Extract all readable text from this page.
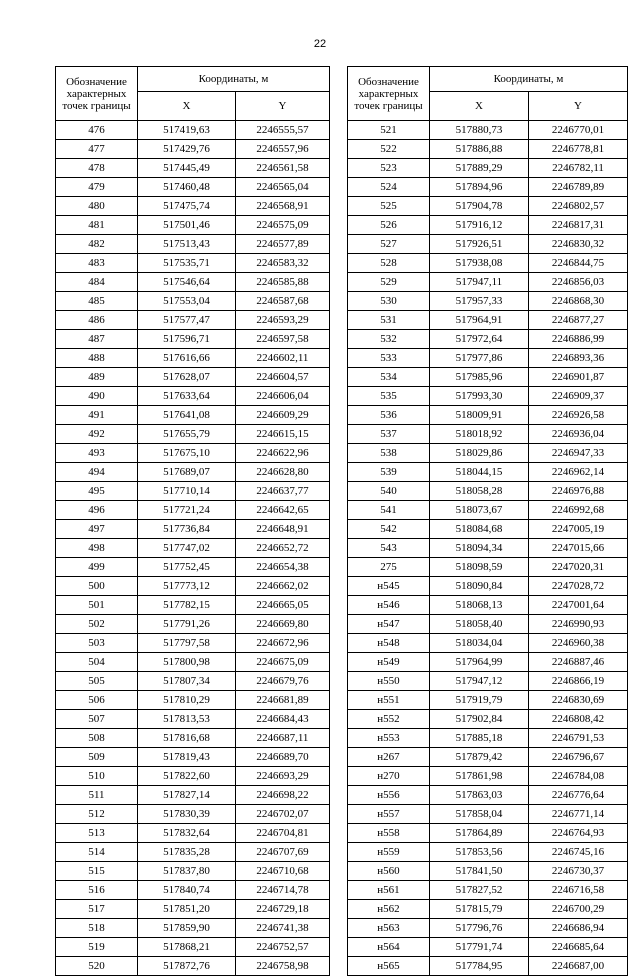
22
Обозначение характерных точек границы	Координаты, м	
	X	Y
476	517419,63	2246555,57
477	517429,76	2246557,96
478	517445,49	2246561,58
479	517460,48	2246565,04
480	517475,74	2246568,91
481	517501,46	2246575,09
482	517513,43	2246577,89
483	517535,71	2246583,32
484	517546,64	2246585,88
485	517553,04	2246587,68
486	517577,47	2246593,29
487	517596,71	2246597,58
488	517616,66	2246602,11
489	517628,07	2246604,57
490	517633,64	2246606,04
491	517641,08	2246609,29
492	517655,79	2246615,15
493	517675,10	2246622,96
494	517689,07	2246628,80
495	517710,14	2246637,77
496	517721,24	2246642,65
497	517736,84	2246648,91
498	517747,02	2246652,72
499	517752,45	2246654,38
500	517773,12	2246662,02
501	517782,15	2246665,05
502	517791,26	2246669,80
503	517797,58	2246672,96
504	517800,98	2246675,09
505	517807,34	2246679,76
506	517810,29	2246681,89
507	517813,53	2246684,43
508	517816,68	2246687,11
509	517819,43	2246689,70
510	517822,60	2246693,29
511	517827,14	2246698,22
512	517830,39	2246702,07
513	517832,64	2246704,81
514	517835,28	2246707,69
515	517837,80	2246710,68
516	517840,74	2246714,78
517	517851,20	2246729,18
518	517859,90	2246741,38
519	517868,21	2246752,57
520	517872,76	2246758,98
Обозначение характерных точек границы	Координаты, м	
	X	Y
521	517880,73	2246770,01
522	517886,88	2246778,81
523	517889,29	2246782,11
524	517894,96	2246789,89
525	517904,78	2246802,57
526	517916,12	2246817,31
527	517926,51	2246830,32
528	517938,08	2246844,75
529	517947,11	2246856,03
530	517957,33	2246868,30
531	517964,91	2246877,27
532	517972,64	2246886,99
533	517977,86	2246893,36
534	517985,96	2246901,87
535	517993,30	2246909,37
536	518009,91	2246926,58
537	518018,92	2246936,04
538	518029,86	2246947,33
539	518044,15	2246962,14
540	518058,28	2246976,88
541	518073,67	2246992,68
542	518084,68	2247005,19
543	518094,34	2247015,66
275	518098,59	2247020,31
н545	518090,84	2247028,72
н546	518068,13	2247001,64
н547	518058,40	2246990,93
н548	518034,04	2246960,38
н549	517964,99	2246887,46
н550	517947,12	2246866,19
н551	517919,79	2246830,69
н552	517902,84	2246808,42
н553	517885,18	2246791,53
н267	517879,42	2246796,67
н270	517861,98	2246784,08
н556	517863,03	2246776,64
н557	517858,04	2246771,14
н558	517864,89	2246764,93
н559	517853,56	2246745,16
н560	517841,50	2246730,37
н561	517827,52	2246716,58
н562	517815,79	2246700,29
н563	517796,76	2246686,94
н564	517791,74	2246685,64
н565	517784,95	2246687,00
